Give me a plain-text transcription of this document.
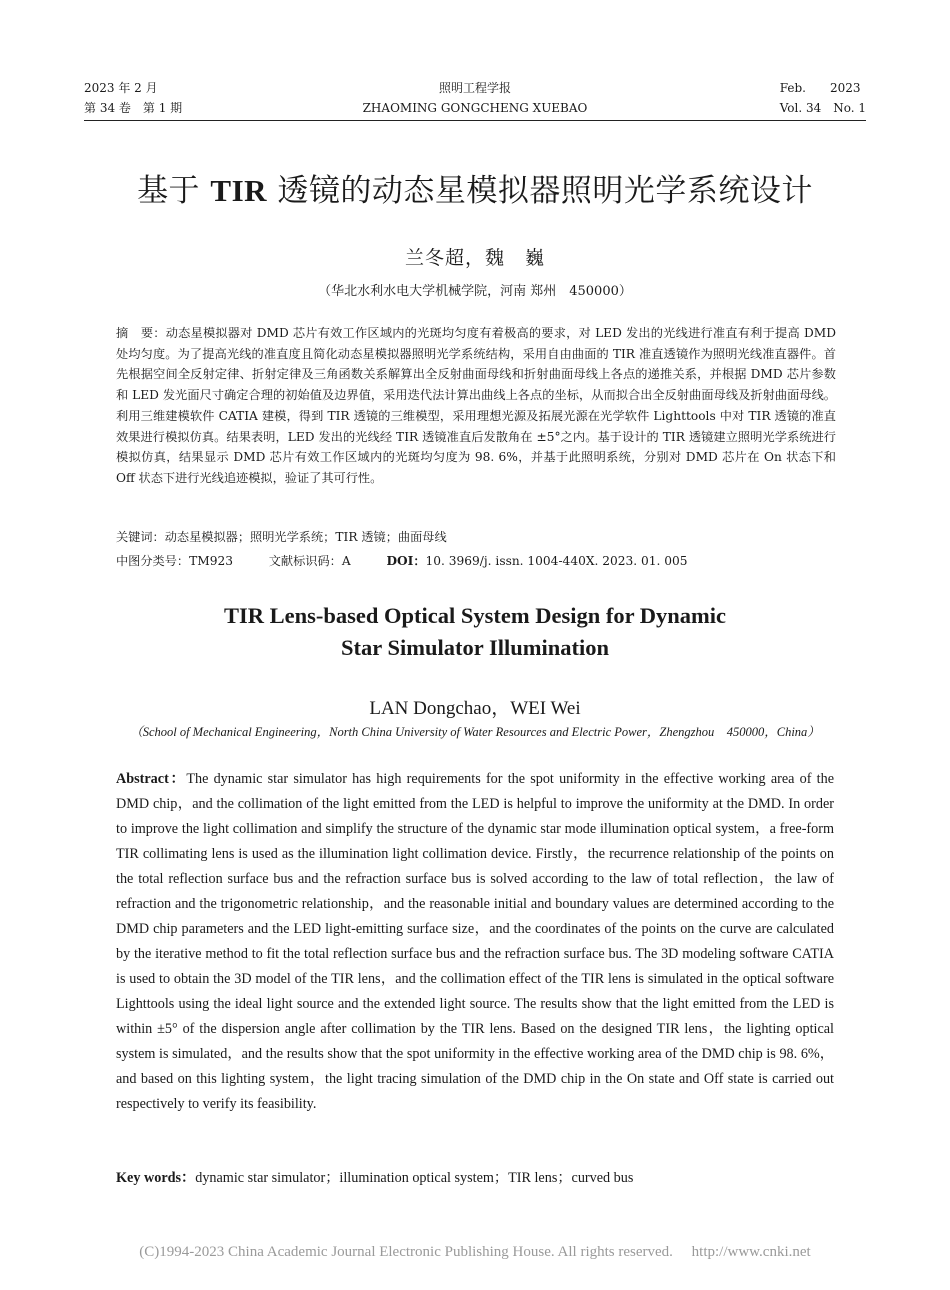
2023 年 2 月
第 34 卷　第 1 期
照明工程学报
ZHAOMING GONGCHENG XUEBAO
Feb.　　2023
Vol. 34　No. 1
基于 TIR 透镜的动态星模拟器照明光学系统设计
兰冬超，魏　巍
（华北水利水电大学机械学院，河南 郑州　450000）
摘　要：动态星模拟器对 DMD 芯片有效工作区域内的光斑均匀度有着极高的要求，对 LED 发出的光线进行准直有利于提高 DMD 处均匀度。为了提高光线的准直度且简化动态星模拟器照明光学系统结构，采用自由曲面的 TIR 准直透镜作为照明光线准直器件。首先根据空间全反射定律、折射定律及三角函数关系解算出全反射曲面母线和折射曲面母线上各点的递推关系，并根据 DMD 芯片参数和 LED 发光面尺寸确定合理的初始值及边界值，采用迭代法计算出曲线上各点的坐标，从而拟合出全反射曲面母线及折射曲面母线。利用三维建模软件 CATIA 建模，得到 TIR 透镜的三维模型，采用理想光源及拓展光源在光学软件 Lighttools 中对 TIR 透镜的准直效果进行模拟仿真。结果表明，LED 发出的光线经 TIR 透镜准直后发散角在 ±5°之内。基于设计的 TIR 透镜建立照明光学系统进行模拟仿真，结果显示 DMD 芯片有效工作区域内的光斑均匀度为 98. 6%，并基于此照明系统，分别对 DMD 芯片在 On 状态下和 Off 状态下进行光线追迹模拟，验证了其可行性。
关键词：动态星模拟器；照明光学系统；TIR 透镜；曲面母线
中图分类号：TM923	文献标识码：A	DOI：10. 3969/j. issn. 1004-440X. 2023. 01. 005
TIR Lens-based Optical System Design for Dynamic
Star Simulator Illumination
LAN Dongchao，WEI Wei
（School of Mechanical Engineering，North China University of Water Resources and Electric Power，Zhengzhou　450000，China）
Abstract：The dynamic star simulator has high requirements for the spot uniformity in the effective working area of the DMD chip，and the collimation of the light emitted from the LED is helpful to improve the uniformity at the DMD. In order to improve the light collimation and simplify the structure of the dynamic star mode illumination optical system，a free-form TIR collimating lens is used as the illumination light collimation device. Firstly，the recurrence relationship of the points on the total reflection surface bus and the refraction surface bus is solved according to the law of total reflection，the law of refraction and the trigonometric relationship，and the reasonable initial and boundary values are determined according to the DMD chip parameters and the LED light-emitting surface size，and the coordinates of the points on the curve are calculated by the iterative method to fit the total reflection surface bus and the refraction surface bus. The 3D modeling software CATIA is used to obtain the 3D model of the TIR lens，and the collimation effect of the TIR lens is simulated in the optical software Lighttools using the ideal light source and the extended light source. The results show that the light emitted from the LED is within ±5° of the dispersion angle after collimation by the TIR lens. Based on the designed TIR lens，the lighting optical system is simulated，and the results show that the spot uniformity in the effective working area of the DMD chip is 98. 6%，and based on this lighting system，the light tracing simulation of the DMD chip in the On state and Off state is carried out respectively to verify its feasibility.
Key words：dynamic star simulator；illumination optical system；TIR lens；curved bus
(C)1994-2023 China Academic Journal Electronic Publishing House. All rights reserved.　 http://www.cnki.net
